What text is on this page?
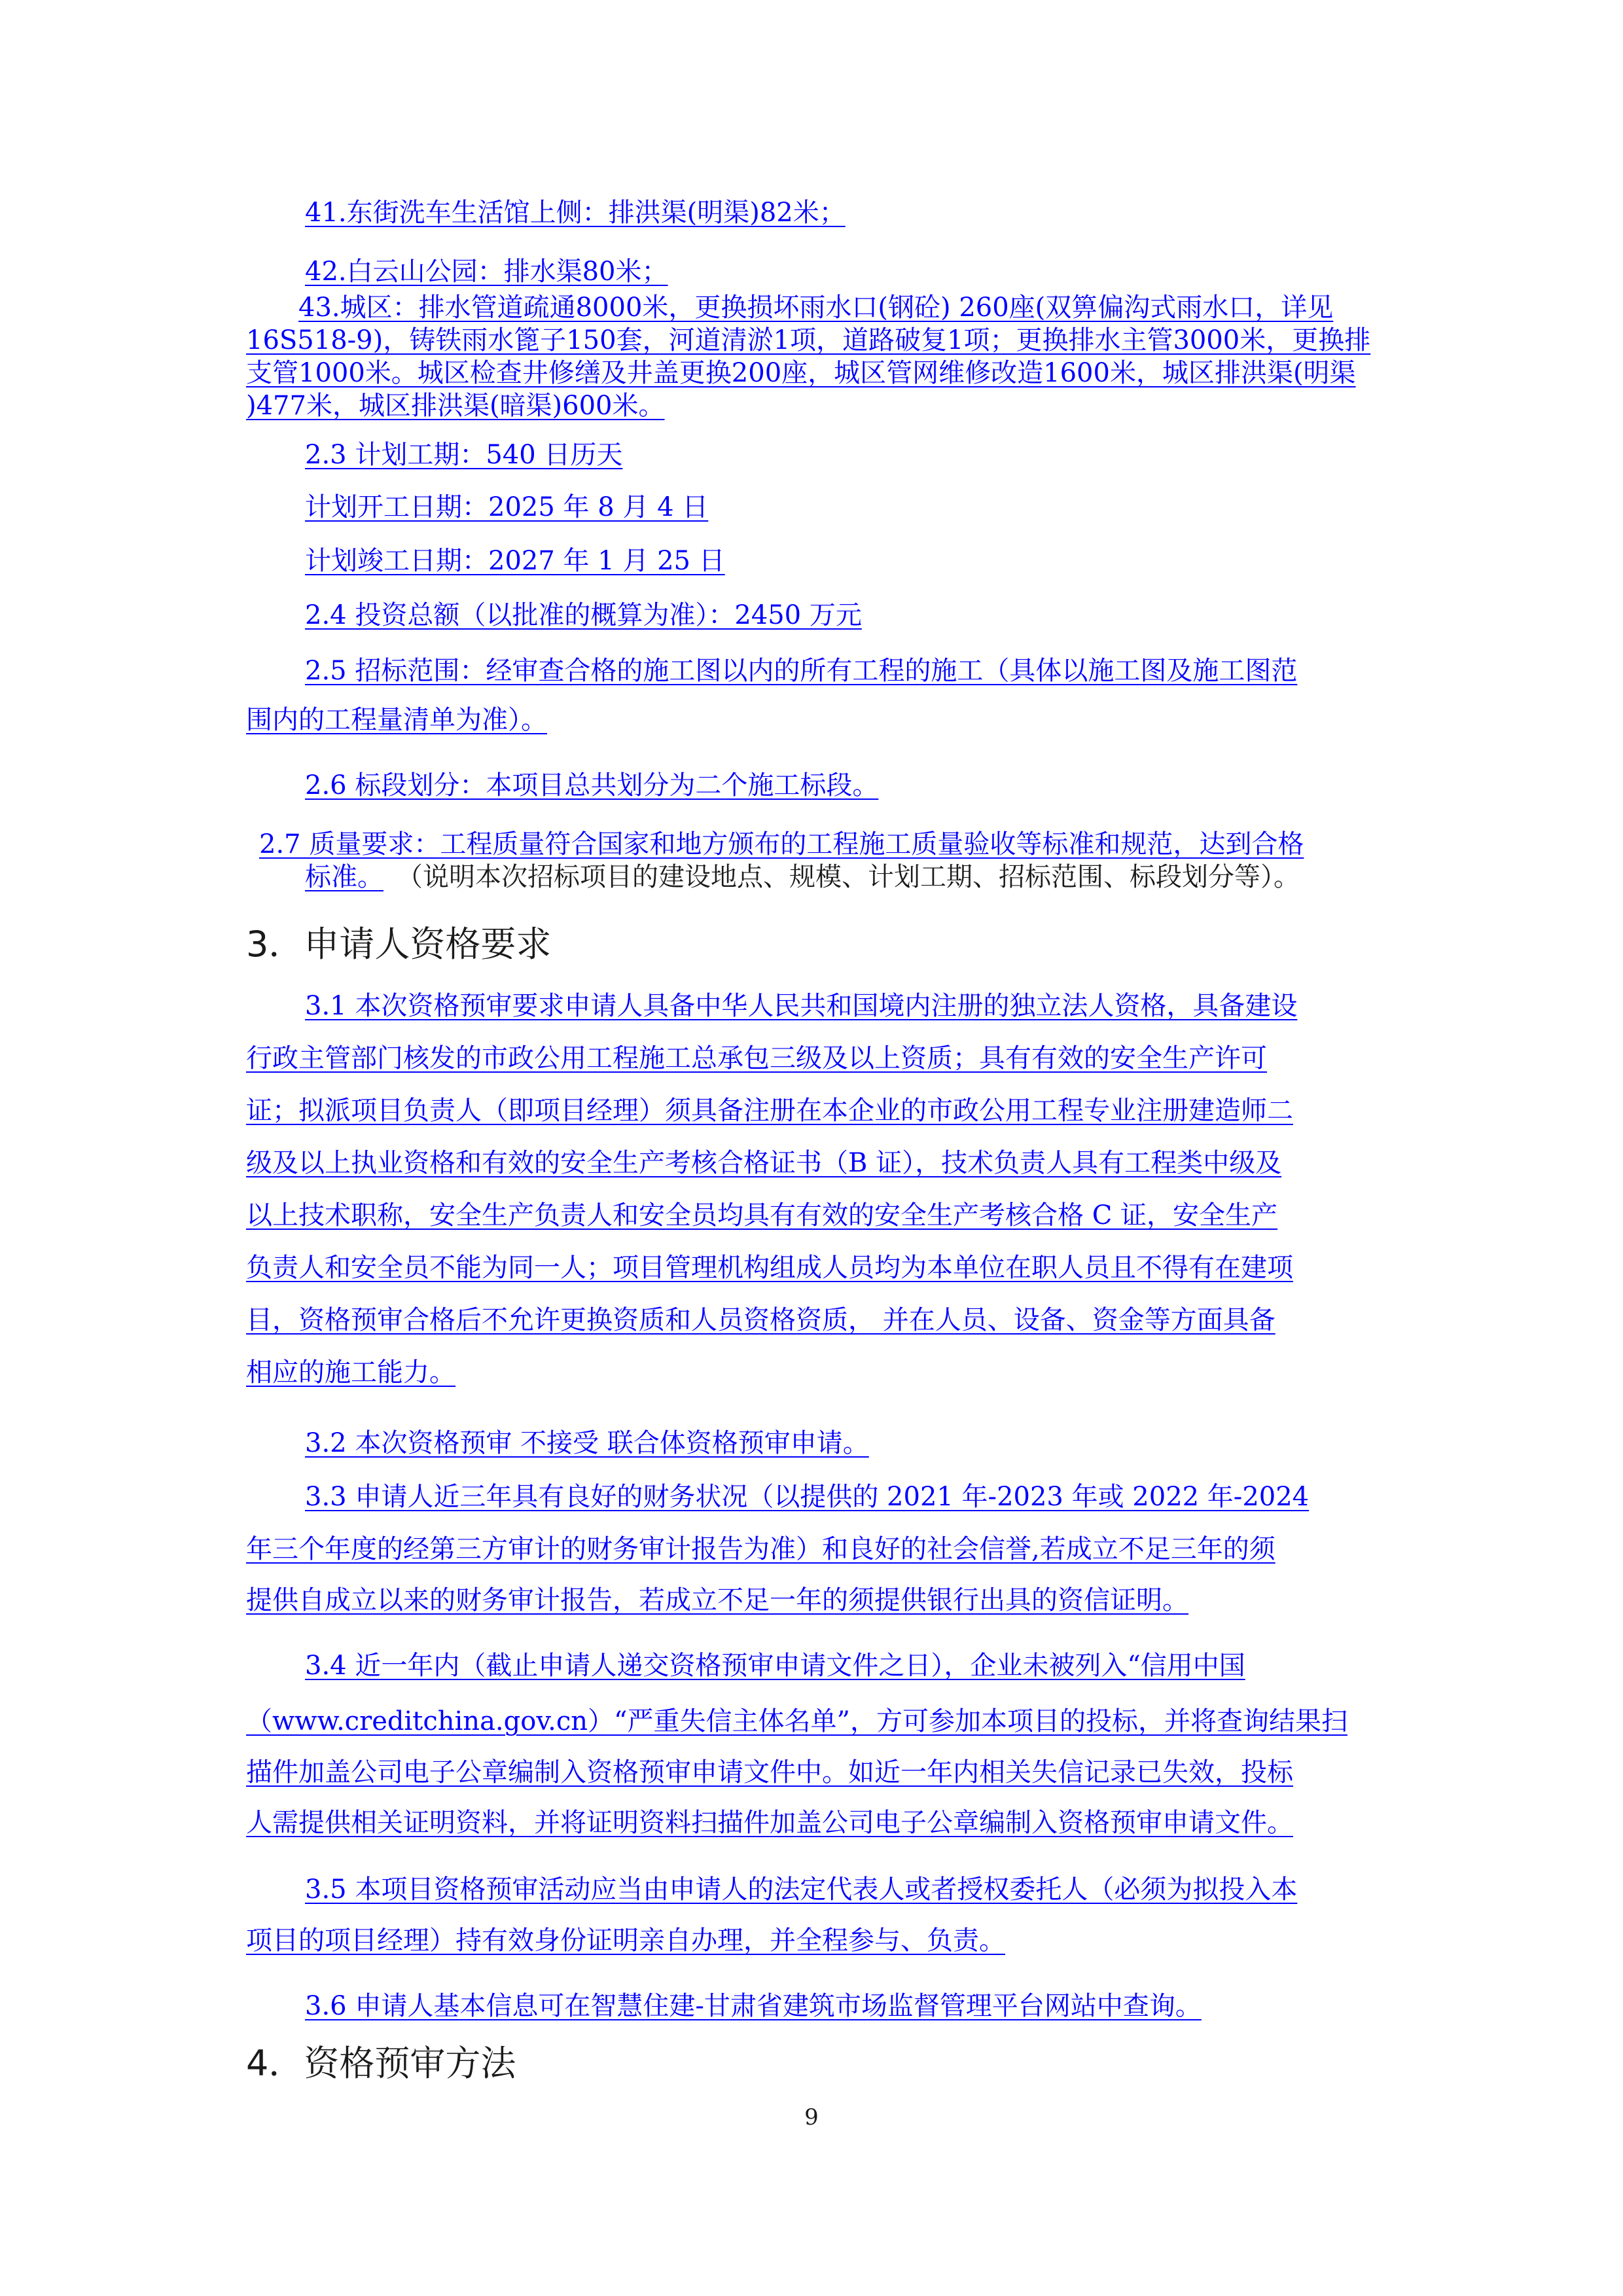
41.东街洗车生活馆上侧：排洪渠(明渠)82米；
42.白云山公园：排水渠80米；
43.城区：排水管道疏通8000米，更换损坏雨水口(钢砼) 260座(双箅偏沟式雨水口，详见
16S518-9)，铸铁雨水篦子150套，河道清淤1项，道路破复1项；更换排水主管3000米，更换排
支管1000米。城区检查井修缮及井盖更换200座，城区管网维修改造1600米，城区排洪渠(明渠
)477米，城区排洪渠(暗渠)600米。
2.3 计划工期：540 日历天
计划开工日期：2025 年 8 月 4 日
计划竣工日期：2027 年 1 月 25 日
2.4 投资总额（以批准的概算为准）：2450 万元
2.5 招标范围：经审查合格的施工图以内的所有工程的施工（具体以施工图及施工图范
围内的工程量清单为准）。
2.6 标段划分：本项目总共划分为二个施工标段。
2.7 质量要求：工程质量符合国家和地方颁布的工程施工质量验收等标准和规范，达到合格
标准。 （说明本次招标项目的建设地点、规模、计划工期、招标范围、标段划分等）。
3．申请人资格要求
3.1 本次资格预审要求申请人具备中华人民共和国境内注册的独立法人资格，具备建设
行政主管部门核发的市政公用工程施工总承包三级及以上资质；具有有效的安全生产许可
证；拟派项目负责人（即项目经理）须具备注册在本企业的市政公用工程专业注册建造师二
级及以上执业资格和有效的安全生产考核合格证书（B 证），技术负责人具有工程类中级及
以上技术职称，安全生产负责人和安全员均具有有效的安全生产考核合格 C 证，安全生产
负责人和安全员不能为同一人；项目管理机构组成人员均为本单位在职人员且不得有在建项
目，资格预审合格后不允许更换资质和人员资格资质， 并在人员、设备、资金等方面具备
相应的施工能力。
3.2 本次资格预审 不接受 联合体资格预审申请。
3.3 申请人近三年具有良好的财务状况（以提供的 2021 年-2023 年或 2022 年-2024
年三个年度的经第三方审计的财务审计报告为准）和良好的社会信誉,若成立不足三年的须
提供自成立以来的财务审计报告，若成立不足一年的须提供银行出具的资信证明。
3.4 近一年内（截止申请人递交资格预审申请文件之日），企业未被列入“信用中国
（www.creditchina.gov.cn）“严重失信主体名单”，方可参加本项目的投标，并将查询结果扫
描件加盖公司电子公章编制入资格预审申请文件中。如近一年内相关失信记录已失效，投标
人需提供相关证明资料，并将证明资料扫描件加盖公司电子公章编制入资格预审申请文件。
3.5 本项目资格预审活动应当由申请人的法定代表人或者授权委托人（必须为拟投入本
项目的项目经理）持有效身份证明亲自办理，并全程参与、负责。
3.6 申请人基本信息可在智慧住建-甘肃省建筑市场监督管理平台网站中查询。
4．资格预审方法
9
